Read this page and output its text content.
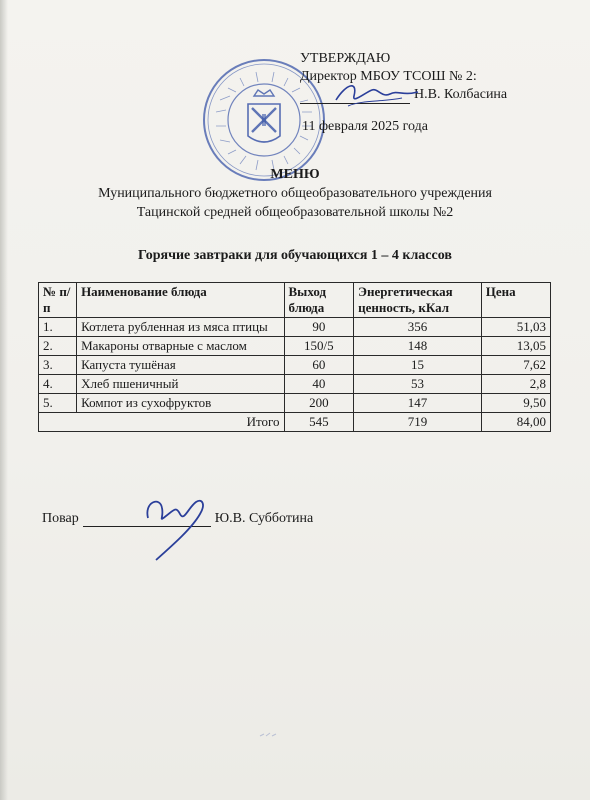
УТВЕРЖДАЮ
Директор МБОУ ТСОШ № 2:
Н.В. Колбасина
11 февраля 2025 года
МЕНЮ
Муниципального бюджетного общеобразовательного учреждения
Тацинской средней общеобразовательной школы №2
Горячие завтраки для обучающихся 1 – 4 классов
№ п/п	Наименование блюда	Выход блюда	Энергетическая ценность, кКал	Цена
1.	Котлета рубленная из мяса птицы	90	356	51,03
2.	Макароны отварные с маслом	150/5	148	13,05
3.	Капуста тушёная	60	15	7,62
4.	Хлеб пшеничный	40	53	2,8
5.	Компот из сухофруктов	200	147	9,50
Итого		545	719	84,00
Повар	Ю.В. Субботина
